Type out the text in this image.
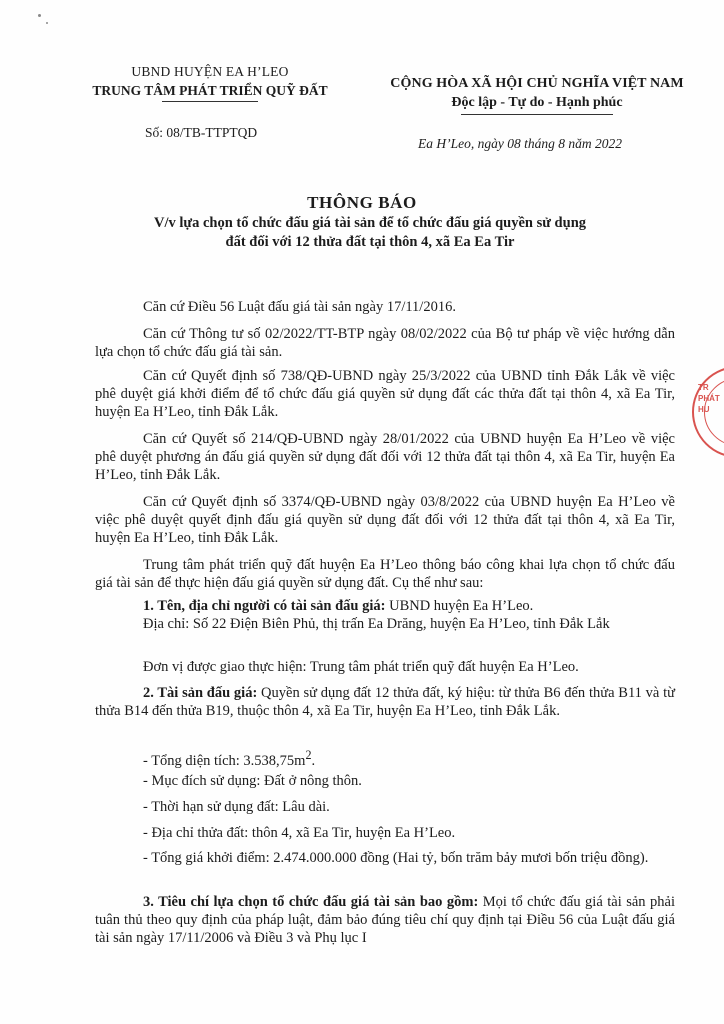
UBND HUYỆN EA H’LEO
TRUNG TÂM PHÁT TRIỂN QUỸ ĐẤT	CỘNG HÒA XÃ HỘI CHỦ NGHĨA VIỆT NAM
Độc lập - Tự do - Hạnh phúc
Số: 08/TB-TTPTQD
Ea H’Leo, ngày 08 tháng 8 năm 2022
THÔNG BÁO
V/v lựa chọn tổ chức đấu giá tài sản để tổ chức đấu giá quyền sử dụng đất đối với 12 thửa đất tại thôn 4, xã Ea Ea Tir
Căn cứ Điều 56 Luật đấu giá tài sản ngày 17/11/2016.
Căn cứ Thông tư số 02/2022/TT-BTP ngày 08/02/2022 của Bộ tư pháp về việc hướng dẫn lựa chọn tổ chức đấu giá tài sản.
Căn cứ Quyết định số 738/QĐ-UBND ngày 25/3/2022 của UBND tỉnh Đắk Lắk về việc phê duyệt giá khởi điểm để tổ chức đấu giá quyền sử dụng đất các thửa đất tại thôn 4, xã Ea Tir, huyện Ea H’Leo, tỉnh Đắk Lắk.
Căn cứ Quyết số 214/QĐ-UBND ngày 28/01/2022 của UBND huyện Ea H’Leo về việc phê duyệt phương án đấu giá quyền sử dụng đất đối với 12 thửa đất tại thôn 4, xã Ea Tir, huyện Ea H’Leo, tỉnh Đắk Lắk.
Căn cứ Quyết định số 3374/QĐ-UBND ngày 03/8/2022 của UBND huyện Ea H’Leo về việc phê duyệt quyết định đấu giá quyền sử dụng đất đối với 12 thửa đất tại thôn 4, xã Ea Tir, huyện Ea H’Leo, tỉnh Đắk Lắk.
Trung tâm phát triển quỹ đất huyện Ea H’Leo thông báo công khai lựa chọn tổ chức đấu giá tài sản để thực hiện đấu giá quyền sử dụng đất. Cụ thể như sau:
1. Tên, địa chỉ người có tài sản đấu giá: UBND huyện Ea H’Leo.
Địa chỉ: Số 22 Điện Biên Phủ, thị trấn Ea Drăng, huyện Ea H’Leo, tỉnh Đắk Lắk
Đơn vị được giao thực hiện: Trung tâm phát triển quỹ đất huyện Ea H’Leo.
2. Tài sản đấu giá: Quyền sử dụng đất 12 thửa đất, ký hiệu: từ thửa B6 đến thửa B11 và từ thửa B14 đến thửa B19, thuộc thôn 4, xã Ea Tir, huyện Ea H’Leo, tỉnh Đắk Lắk.
- Tổng diện tích: $3.538,75m^2$.
- Mục đích sử dụng: Đất ở nông thôn.
- Thời hạn sử dụng đất: Lâu dài.
- Địa chỉ thửa đất: thôn 4, xã Ea Tir, huyện Ea H’Leo.
- Tổng giá khởi điểm: 2.474.000.000 đồng (Hai tỷ, bốn trăm bảy mươi bốn triệu đồng).
3. Tiêu chí lựa chọn tổ chức đấu giá tài sản bao gồm: Mọi tổ chức đấu giá tài sản phải tuân thủ theo quy định của pháp luật, đảm bảo đúng tiêu chí quy định tại Điều 56 của Luật đấu giá tài sản ngày 17/11/2006 và Điều 3 và Phụ lục I
TR
PHÁT
HU
